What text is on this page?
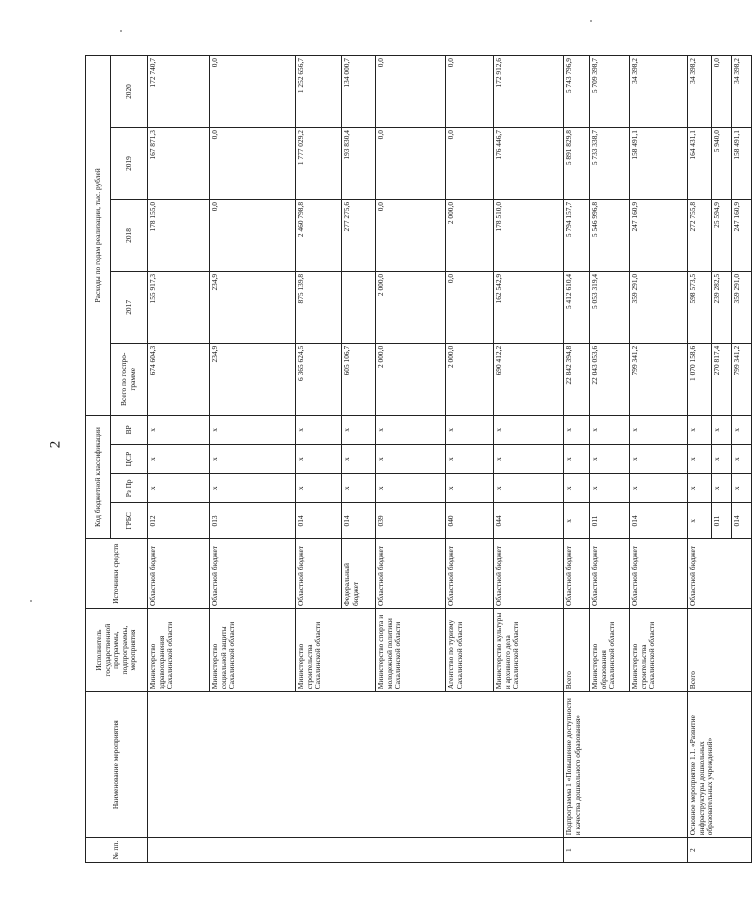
2
№ пп.	Наименование мероприятия	Исполнитель государственной программы, подпрограммы, мероприятия	Источники средств	Код бюджетной классификации				Расходы по годам реализации, тыс. рублей				
				ГРБС	Рз Пр	ЦСР	ВР	Всего по госпро-грамме	2017	2018	2019	2020
		Министерство здравоохранения Сахалинской области	Областной бюджет	012	х	х	х	674 604,3	155 917,3	178 155,0	167 871,3	172 740,7
		Министерство социальной защиты Сахалинской области	Областной бюджет	013	х	х	х	234,9	234,9	0,0	0,0	0,0
		Министерство строительства Сахалинской области	Областной бюджет	014	х	х	х	6 365 624,5	875 139,8	2 460 798,8	1 777 029,2	1 252 656,7
			Федеральный бюджет	014	х	х	х	605 106,7		277 275,6	193 830,4	134 000,7
		Министерство спорта и молодежной политики Сахалинской области	Областной бюджет	039	х	х	х	2 000,0	2 000,0	0,0	0,0	0,0
		Агентство по туризму Сахалинской области	Областной бюджет	040	х	х	х	2 000,0	0,0	2 000,0	0,0	0,0
		Министерство культуры и архивного дела Сахалинской области	Областной бюджет	044	х	х	х	690 412,2	162 542,9	178 510,0	176 446,7	172 912,6
1	Подпрограмма 1 «Повышение доступности и качества дошкольного образования»	Всего	Областной бюджет	х	х	х	х	22 842 394,8	5 412 610,4	5 794 157,7	5 891 829,8	5 743 796,9
		Министерство образования Сахалинской области	Областной бюджет	011	х	х	х	22 043 053,6	5 053 319,4	5 546 996,8	5 733 338,7	5 709 398,7
		Министерство строительства Сахалинской области	Областной бюджет	014	х	х	х	799 341,2	359 291,0	247 160,9	158 491,1	34 398,2
2	Основное мероприятие 1.1. «Развитие инфраструктуры дошкольных образовательных учреждений»	Всего	Областной бюджет	х	х	х	х	1 070 158,6	598 573,5	272 755,8	164 431,1	34 398,2
				011	х	х	х	270 817,4	239 282,5	25 594,9	5 940,0	0,0
				014	х	х	х	799 341,2	359 291,0	247 160,9	158 491,1	34 398,2
